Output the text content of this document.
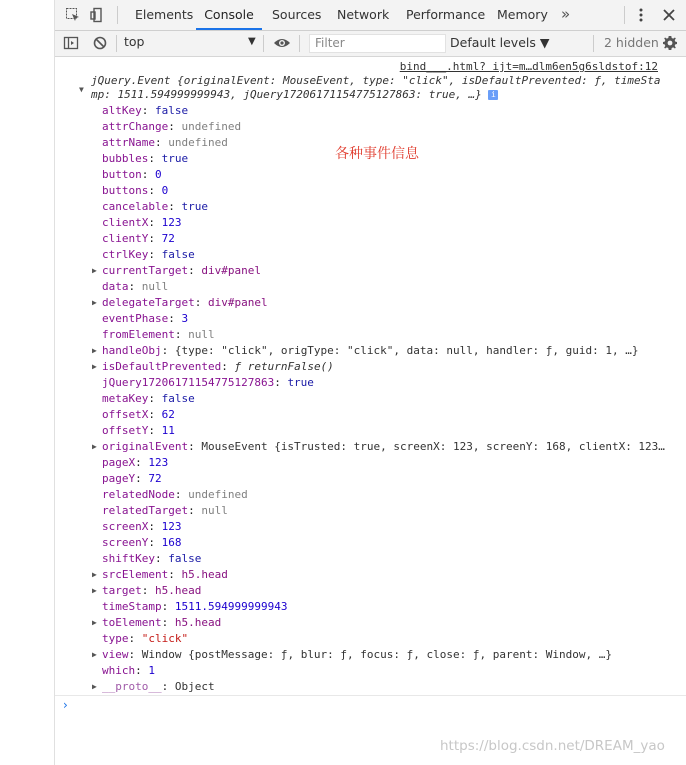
Elements Console	Sources Network Performance Memory »
top	▼	Filter	Default levels ▼	2 hidden
bind___.html? ijt=m…dlm6en5g6sldstof:12
▼
jQuery.Event {originalEvent: MouseEvent, type: "click", isDefaultPrevented: ƒ, timeSta
mp: 1511.594999999943, jQuery17206171154775127863: true, …} i
altKey: false
attrChange: undefined
attrName: undefined
bubbles: true
button: 0
buttons: 0
cancelable: true
clientX: 123
clientY: 72
ctrlKey: false
▶ currentTarget: div#panel
data: null
▶ delegateTarget: div#panel
eventPhase: 3
fromElement: null
▶ handleObj: {type: "click", origType: "click", data: null, handler: ƒ, guid: 1, …}
▶ isDefaultPrevented: ƒ returnFalse()
jQuery17206171154775127863: true
metaKey: false
offsetX: 62
offsetY: 11
▶ originalEvent: MouseEvent {isTrusted: true, screenX: 123, screenY: 168, clientX: 123…
pageX: 123
pageY: 72
relatedNode: undefined
relatedTarget: null
screenX: 123
screenY: 168
shiftKey: false
▶ srcElement: h5.head
▶ target: h5.head
timeStamp: 1511.594999999943
▶ toElement: h5.head
type: "click"
▶ view: Window {postMessage: ƒ, blur: ƒ, focus: ƒ, close: ƒ, parent: Window, …}
which: 1
▶ __proto__: Object
›
各种事件信息
https://blog.csdn.net/DREAM_yao
